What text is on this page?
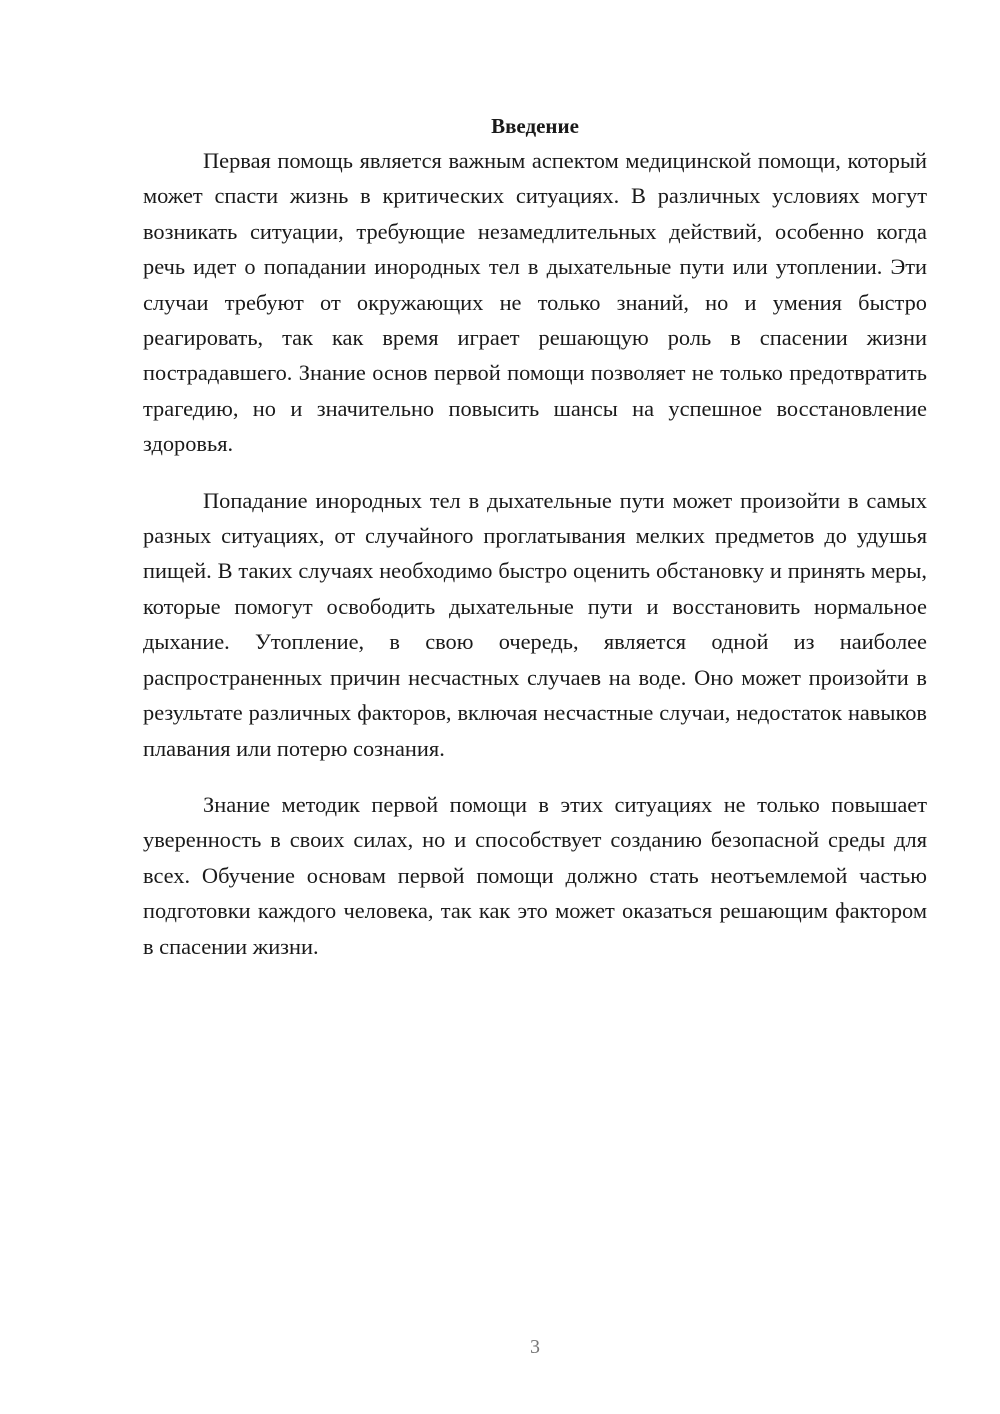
Введение

Первая помощь является важным аспектом медицинской помощи, который может спасти жизнь в критических ситуациях. В различных условиях могут возникать ситуации, требующие незамедлительных действий, особенно когда речь идет о попадании инородных тел в дыхательные пути или утоплении. Эти случаи требуют от окружающих не только знаний, но и умения быстро реагировать, так как время играет решающую роль в спасении жизни пострадавшего. Знание основ первой помощи позволяет не только предотвратить трагедию, но и значительно повысить шансы на успешное восстановление здоровья.

Попадание инородных тел в дыхательные пути может произойти в самых разных ситуациях, от случайного проглатывания мелких предметов до удушья пищей. В таких случаях необходимо быстро оценить обстановку и принять меры, которые помогут освободить дыхательные пути и восстановить нормальное дыхание. Утопление, в свою очередь, является одной из наиболее распространенных причин несчастных случаев на воде. Оно может произойти в результате различных факторов, включая несчастные случаи, недостаток навыков плавания или потерю сознания.

Знание методик первой помощи в этих ситуациях не только повышает уверенность в своих силах, но и способствует созданию безопасной среды для всех. Обучение основам первой помощи должно стать неотъемлемой частью подготовки каждого человека, так как это может оказаться решающим фактором в спасении жизни.

3
